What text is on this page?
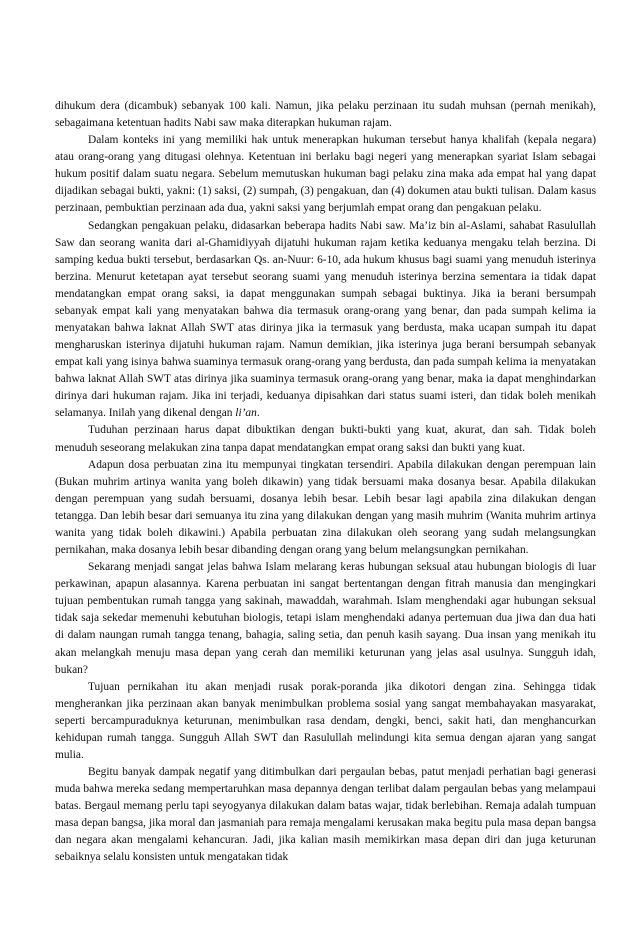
dihukum dera (dicambuk) sebanyak 100 kali. Namun, jika pelaku perzinaan itu sudah muhsan (pernah menikah), sebagaimana ketentuan hadits Nabi saw maka diterapkan hukuman rajam.

Dalam konteks ini yang memiliki hak untuk menerapkan hukuman tersebut hanya khalifah (kepala negara) atau orang-orang yang ditugasi olehnya. Ketentuan ini berlaku bagi negeri yang menerapkan syariat Islam sebagai hukum positif dalam suatu negara. Sebelum memutuskan hukuman bagi pelaku zina maka ada empat hal yang dapat dijadikan sebagai bukti, yakni: (1) saksi, (2) sumpah, (3) pengakuan, dan (4) dokumen atau bukti tulisan. Dalam kasus perzinaan, pembuktian perzinaan ada dua, yakni saksi yang berjumlah empat orang dan pengakuan pelaku.

Sedangkan pengakuan pelaku, didasarkan beberapa hadits Nabi saw. Ma’iz bin al-Aslami, sahabat Rasulullah Saw dan seorang wanita dari al-Ghamidiyyah dijatuhi hukuman rajam ketika keduanya mengaku telah berzina. Di samping kedua bukti tersebut, berdasarkan Qs. an-Nuur: 6-10, ada hukum khusus bagi suami yang menuduh isterinya berzina. Menurut ketetapan ayat tersebut seorang suami yang menuduh isterinya berzina sementara ia tidak dapat mendatangkan empat orang saksi, ia dapat menggunakan sumpah sebagai buktinya. Jika ia berani bersumpah sebanyak empat kali yang menyatakan bahwa dia termasuk orang-orang yang benar, dan pada sumpah kelima ia menyatakan bahwa laknat Allah SWT atas dirinya jika ia termasuk yang berdusta, maka ucapan sumpah itu dapat mengharuskan isterinya dijatuhi hukuman rajam. Namun demikian, jika isterinya juga berani bersumpah sebanyak empat kali yang isinya bahwa suaminya termasuk orang-orang yang berdusta, dan pada sumpah kelima ia menyatakan bahwa laknat Allah SWT atas dirinya jika suaminya termasuk orang-orang yang benar, maka ia dapat menghindarkan dirinya dari hukuman rajam. Jika ini terjadi, keduanya dipisahkan dari status suami isteri, dan tidak boleh menikah selamanya. Inilah yang dikenal dengan li’an.

Tuduhan perzinaan harus dapat dibuktikan dengan bukti-bukti yang kuat, akurat, dan sah. Tidak boleh menuduh seseorang melakukan zina tanpa dapat mendatangkan empat orang saksi dan bukti yang kuat.

Adapun dosa perbuatan zina itu mempunyai tingkatan tersendiri. Apabila dilakukan dengan perempuan lain (Bukan muhrim artinya wanita yang boleh dikawin) yang tidak bersuami maka dosanya besar. Apabila dilakukan dengan perempuan yang sudah bersuami, dosanya lebih besar. Lebih besar lagi apabila zina dilakukan dengan tetangga. Dan lebih besar dari semuanya itu zina yang dilakukan dengan yang masih muhrim (Wanita muhrim artinya wanita yang tidak boleh dikawini.) Apabila perbuatan zina dilakukan oleh seorang yang sudah melangsungkan pernikahan, maka dosanya lebih besar dibanding dengan orang yang belum melangsungkan pernikahan.

Sekarang menjadi sangat jelas bahwa Islam melarang keras hubungan seksual atau hubungan biologis di luar perkawinan, apapun alasannya. Karena perbuatan ini sangat bertentangan dengan fitrah manusia dan mengingkari tujuan pembentukan rumah tangga yang sakinah, mawaddah, warahmah. Islam menghendaki agar hubungan seksual tidak saja sekedar memenuhi kebutuhan biologis, tetapi islam menghendaki adanya pertemuan dua jiwa dan dua hati di dalam naungan rumah tangga tenang, bahagia, saling setia, dan penuh kasih sayang. Dua insan yang menikah itu akan melangkah menuju masa depan yang cerah dan memiliki keturunan yang jelas asal usulnya. Sungguh idah, bukan?

Tujuan pernikahan itu akan menjadi rusak porak-poranda jika dikotori dengan zina. Sehingga tidak mengherankan jika perzinaan akan banyak menimbulkan problema sosial yang sangat membahayakan masyarakat, seperti bercampuraduknya keturunan, menimbulkan rasa dendam, dengki, benci, sakit hati, dan menghancurkan kehidupan rumah tangga. Sungguh Allah SWT dan Rasulullah melindungi kita semua dengan ajaran yang sangat mulia.

Begitu banyak dampak negatif yang ditimbulkan dari pergaulan bebas, patut menjadi perhatian bagi generasi muda bahwa mereka sedang mempertaruhkan masa depannya dengan terlibat dalam pergaulan bebas yang melampaui batas. Bergaul memang perlu tapi seyogyanya dilakukan dalam batas wajar, tidak berlebihan. Remaja adalah tumpuan masa depan bangsa, jika moral dan jasmaniah para remaja mengalami kerusakan maka begitu pula masa depan bangsa dan negara akan mengalami kehancuran. Jadi, jika kalian masih memikirkan masa depan diri dan juga keturunan sebaiknya selalu konsisten untuk mengatakan tidak
